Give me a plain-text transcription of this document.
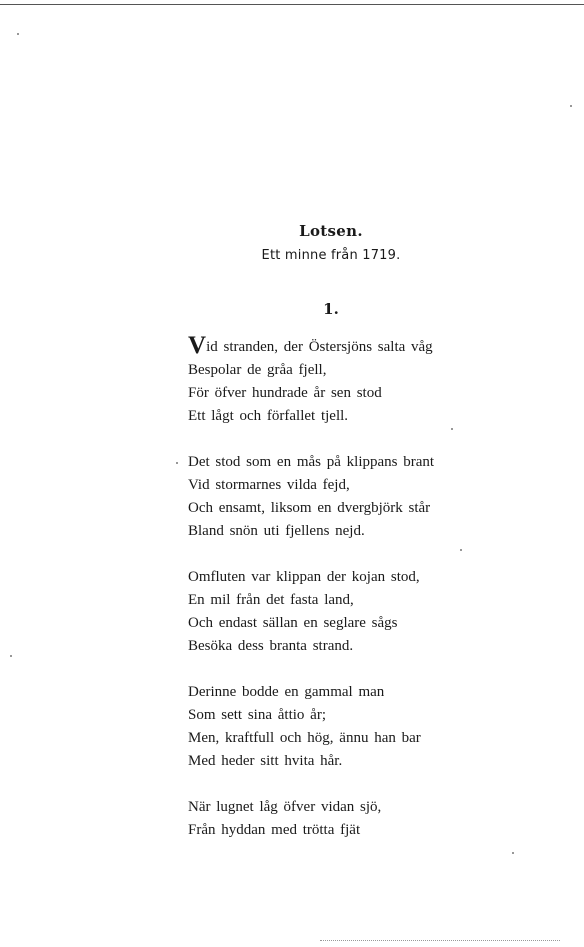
Lotsen.
Ett minne från 1719.
1.
Vid stranden, der Östersjöns salta våg
Bespolar de gråa fjell,
För öfver hundrade år sen stod
Ett lågt och förfallet tjell.
Det stod som en mås på klippans brant
Vid stormarnes vilda fejd,
Och ensamt, liksom en dvergbjörk står
Bland snön uti fjellens nejd.
Omfluten var klippan der kojan stod,
En mil från det fasta land,
Och endast sällan en seglare sågs
Besöka dess branta strand.
Derinne bodde en gammal man
Som sett sina åttio år;
Men, kraftfull och hög, ännu han bar
Med heder sitt hvita hår.
När lugnet låg öfver vidan sjö,
Från hyddan med trötta fjät
